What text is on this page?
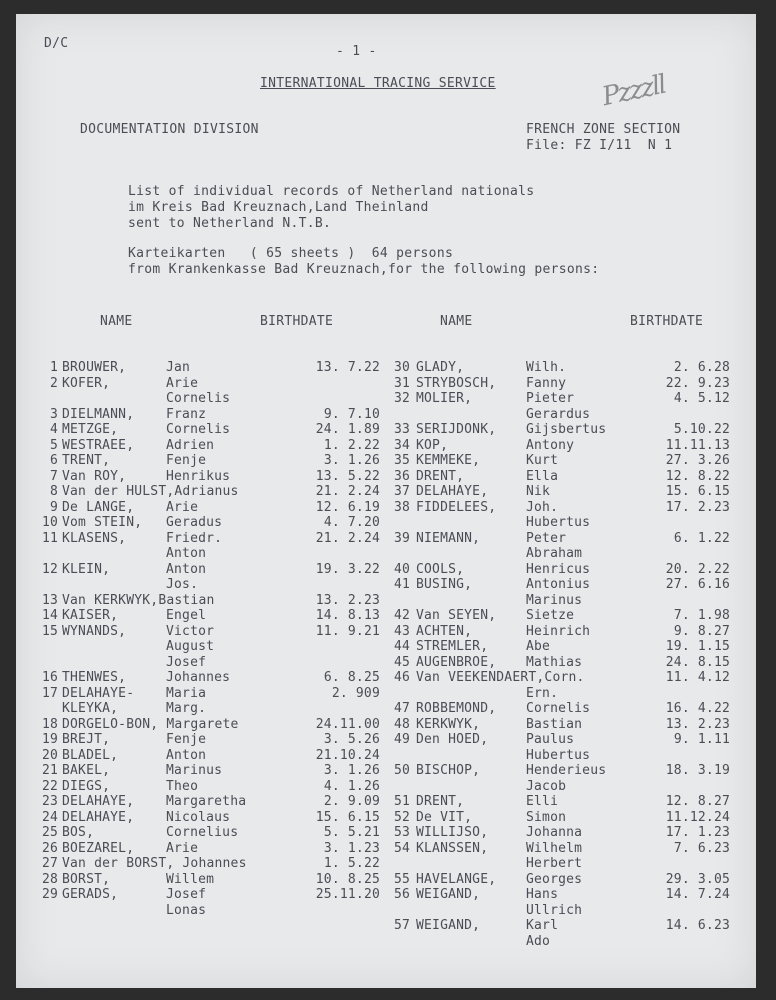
D/C
- 1 -
INTERNATIONAL TRACING SERVICE	Pzzzll
DOCUMENTATION DIVISION	FRENCH ZONE SECTION
File: FZ I/11  N 1
List of individual records of Netherland nationals
im Kreis Bad Kreuznach,Land Theinland
sent to Netherland N.T.B.
Karteikarten   ( 65 sheets )  64 persons
from Krankenkasse Bad Kreuznach,for the following persons:
NAME	BIRTHDATE	NAME	BIRTHDATE
1 BROUWER,	Jan	13. 7.22
2 KOFER,	Arie
Cornelis
3 DIELMANN, Franz	9. 7.10
4 METZGE,	Cornelis	24. 1.89
5 WESTRAEE, Adrien	1. 2.22
6 TRENT,	Fenje	3. 1.26
7 Van ROY,	Henrikus	13. 5.22
8 Van der HULST,Adrianus	21. 2.24
9 De LANGE, Arie	12. 6.19
10 Vom STEIN, Geradus	4. 7.20
11 KLASENS,	Friedr.	21. 2.24
Anton
12 KLEIN,	Anton	19. 3.22
Jos.
13 Van KERKWYK,Bastian	13. 2.23
14 KAISER,	Engel	14. 8.13
15 WYNANDS,	Victor	11. 9.21
August
Josef
16 THENWES,	Johannes	6. 8.25
17 DELAHAYE- Maria	2. 909
KLEYKA,	Marg.
18 DORGELO-BON, Margarete	24.11.00
19 BREJT,	Fenje	3. 5.26
20 BLADEL,	Anton	21.10.24
21 BAKEL,	Marinus	3. 1.26
22 DIEGS,	Theo	4. 1.26
23 DELAHAYE, Margaretha	2. 9.09
24 DELAHAYE, Nicolaus	15. 6.15
25 BOS,	Cornelius	5. 5.21
26 BOEZAREL, Arie	3. 1.23
27 Van der BORST, Johannes	1. 5.22
28 BORST,	Willem	10. 8.25
29 GERADS,	Josef	25.11.20
Lonas
30 GLADY,	Wilh.	2. 6.28
31 STRYBOSCH, Fanny	22. 9.23
32 MOLIER,	Pieter	4. 5.12
Gerardus
33 SERIJDONK, Gijsbertus	5.10.22
34 KOP,	Antony	11.11.13
35 KEMMEKE,	Kurt	27. 3.26
36 DRENT,	Ella	12. 8.22
37 DELAHAYE,	Nik	15. 6.15
38 FIDDELEES, Joh.	17. 2.23
Hubertus
39 NIEMANN,	Peter	6. 1.22
Abraham
40 COOLS,	Henricus	20. 2.22
41 BUSING,	Antonius	27. 6.16
Marinus
42 Van SEYEN, Sietze	7. 1.98
43 ACHTEN,	Heinrich	9. 8.27
44 STREMLER,	Abe	19. 1.15
45 AUGENBROE, Mathias	24. 8.15
46 Van VEEKENDAERT,Corn.	11. 4.12
Ern.
47 ROBBEMOND, Cornelis	16. 4.22
48 KERKWYK,	Bastian	13. 2.23
49 Den HOED,	Paulus	9. 1.11
Hubertus
50 BISCHOP,	Henderieus	18. 3.19
Jacob
51 DRENT,	Elli	12. 8.27
52 De VIT,	Simon	11.12.24
53 WILLIJSO,	Johanna	17. 1.23
54 KLANSSEN,	Wilhelm	7. 6.23
Herbert
55 HAVELANGE, Georges	29. 3.05
56 WEIGAND,	Hans	14. 7.24
Ullrich
57 WEIGAND,	Karl	14. 6.23
Ado
